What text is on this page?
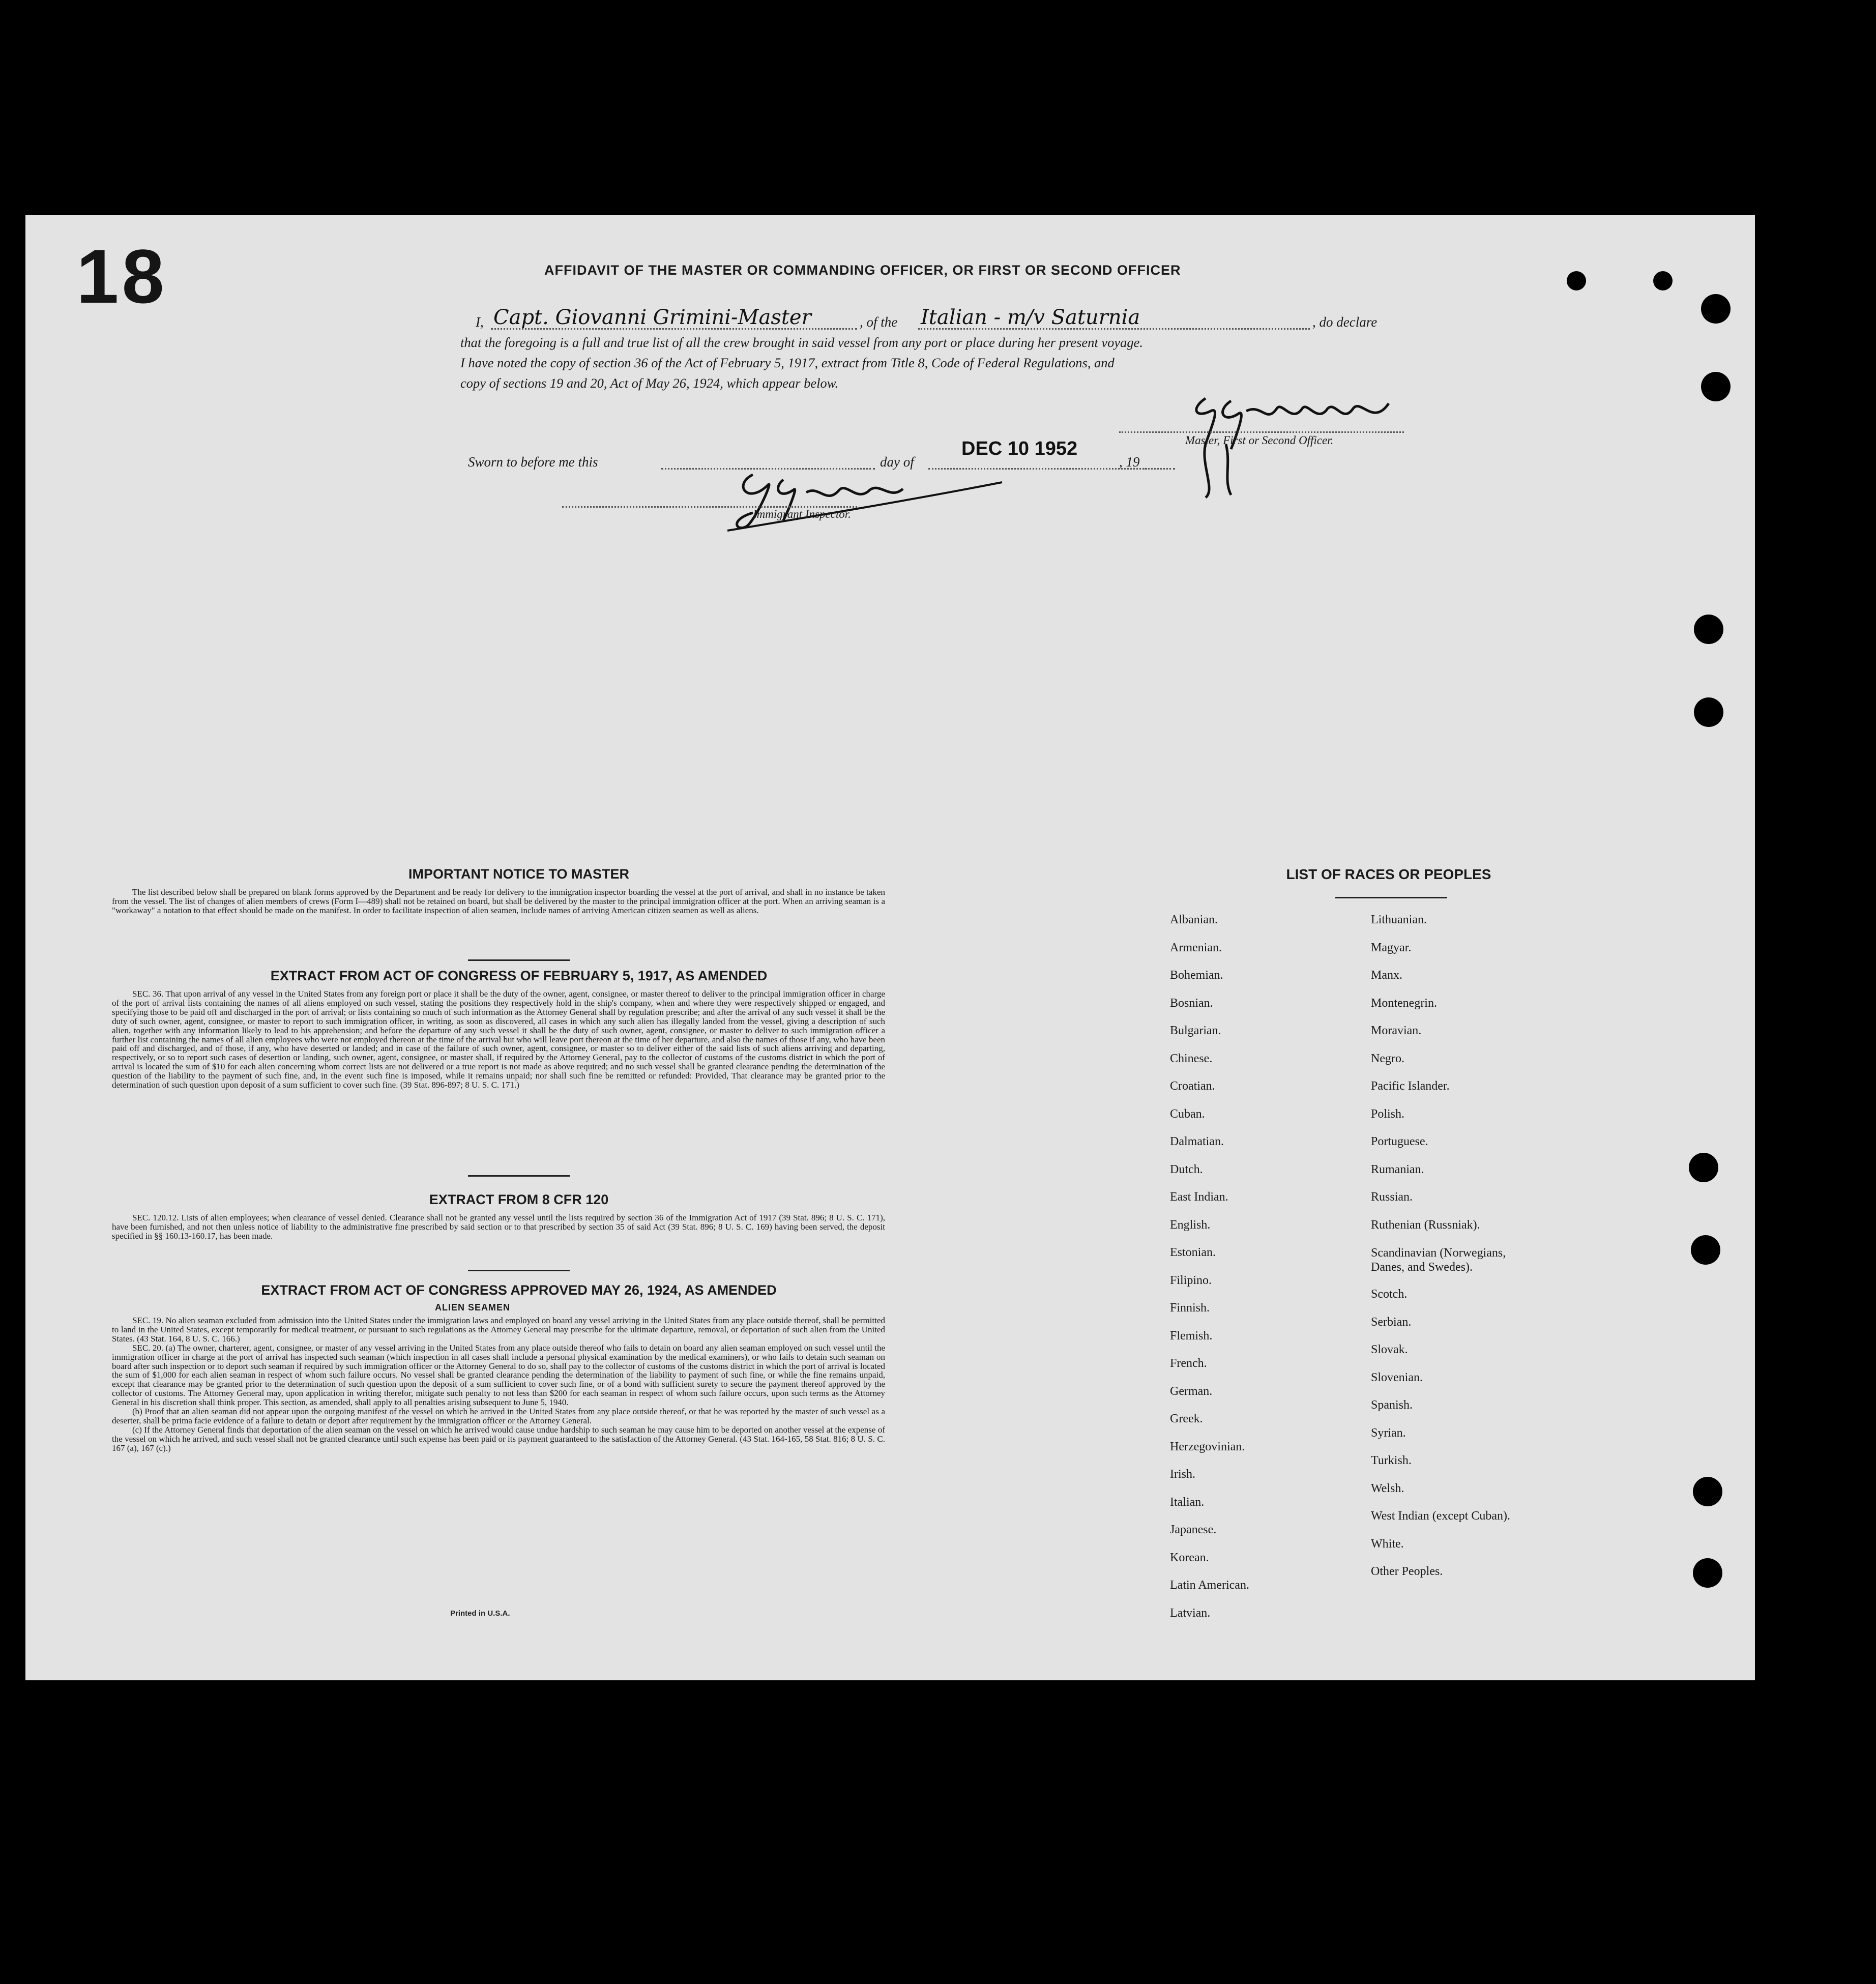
18	AFFIDAVIT OF THE MASTER OR COMMANDING OFFICER, OR FIRST OR SECOND OFFICER
I, Capt. Giovanni Grimini-Master	, of the Italian - m/v Saturnia	, do declare
that the foregoing is a full and true list of all the crew brought in said vessel from any port or place during her present voyage.
I have noted the copy of section 36 of the Act of February 5, 1917, extract from Title 8, Code of Federal Regulations, and
copy of sections 19 and 20, Act of May 26, 1924, which appear below.
Master, First or Second Officer.
Sworn to before me this	day of
DEC 10 1952
, 19
Immigrant Inspector.
IMPORTANT NOTICE TO MASTER
The list described below shall be prepared on blank forms approved by the Department and be ready for delivery to the immigration inspector boarding the vessel at the port of arrival, and shall in no instance be taken from the vessel. The list of changes of alien members of crews (Form I—489) shall not be retained on board, but shall be delivered by the master to the principal immigration officer at the port. When an arriving seaman is a "workaway" a notation to that effect should be made on the manifest. In order to facilitate inspection of alien seamen, include names of arriving American citizen seamen as well as aliens.
EXTRACT FROM ACT OF CONGRESS OF FEBRUARY 5, 1917, AS AMENDED
SEC. 36. That upon arrival of any vessel in the United States from any foreign port or place it shall be the duty of the owner, agent, consignee, or master thereof to deliver to the principal immigration officer in charge of the port of arrival lists containing the names of all aliens employed on such vessel, stating the positions they respectively hold in the ship's company, when and where they were respectively shipped or engaged, and specifying those to be paid off and discharged in the port of arrival; or lists containing so much of such information as the Attorney General shall by regulation prescribe; and after the arrival of any such vessel it shall be the duty of such owner, agent, consignee, or master to report to such immigration officer, in writing, as soon as discovered, all cases in which any such alien has illegally landed from the vessel, giving a description of such alien, together with any information likely to lead to his apprehension; and before the departure of any such vessel it shall be the duty of such owner, agent, consignee, or master to deliver to such immigration officer a further list containing the names of all alien employees who were not employed thereon at the time of the arrival but who will leave port thereon at the time of her departure, and also the names of those if any, who have been paid off and discharged, and of those, if any, who have deserted or landed; and in case of the failure of such owner, agent, consignee, or master so to deliver either of the said lists of such aliens arriving and departing, respectively, or so to report such cases of desertion or landing, such owner, agent, consignee, or master shall, if required by the Attorney General, pay to the collector of customs of the customs district in which the port of arrival is located the sum of $10 for each alien concerning whom correct lists are not delivered or a true report is not made as above required; and no such vessel shall be granted clearance pending the determination of the question of the liability to the payment of such fine, and, in the event such fine is imposed, while it remains unpaid; nor shall such fine be remitted or refunded: Provided, That clearance may be granted prior to the determination of such question upon deposit of a sum sufficient to cover such fine. (39 Stat. 896-897; 8 U. S. C. 171.)
EXTRACT FROM 8 CFR 120
SEC. 120.12. Lists of alien employees; when clearance of vessel denied. Clearance shall not be granted any vessel until the lists required by section 36 of the Immigration Act of 1917 (39 Stat. 896; 8 U. S. C. 171), have been furnished, and not then unless notice of liability to the administrative fine prescribed by said section or to that prescribed by section 35 of said Act (39 Stat. 896; 8 U. S. C. 169) having been served, the deposit specified in §§ 160.13-160.17, has been made.
EXTRACT FROM ACT OF CONGRESS APPROVED MAY 26, 1924, AS AMENDED
ALIEN SEAMEN

SEC. 19. No alien seaman excluded from admission into the United States under the immigration laws and employed on board any vessel arriving in the United States from any place outside thereof, shall be permitted to land in the United States, except temporarily for medical treatment, or pursuant to such regulations as the Attorney General may prescribe for the ultimate departure, removal, or deportation of such alien from the United States. (43 Stat. 164, 8 U. S. C. 166.)

SEC. 20. (a) The owner, charterer, agent, consignee, or master of any vessel arriving in the United States from any place outside thereof who fails to detain on board any alien seaman employed on such vessel until the immigration officer in charge at the port of arrival has inspected such seaman (which inspection in all cases shall include a personal physical examination by the medical examiners), or who fails to detain such seaman on board after such inspection or to deport such seaman if required by such immigration officer or the Attorney General to do so, shall pay to the collector of customs of the customs district in which the port of arrival is located the sum of $1,000 for each alien seaman in respect of whom such failure occurs. No vessel shall be granted clearance pending the determination of the liability to payment of such fine, or while the fine remains unpaid, except that clearance may be granted prior to the determination of such question upon the deposit of a sum sufficient to cover such fine, or of a bond with sufficient surety to secure the payment thereof approved by the collector of customs. The Attorney General may, upon application in writing therefor, mitigate such penalty to not less than $200 for each seaman in respect of whom such failure occurs, upon such terms as the Attorney General in his discretion shall think proper. This section, as amended, shall apply to all penalties arising subsequent to June 5, 1940.

(b) Proof that an alien seaman did not appear upon the outgoing manifest of the vessel on which he arrived in the United States from any place outside thereof, or that he was reported by the master of such vessel as a deserter, shall be prima facie evidence of a failure to detain or deport after requirement by the immigration officer or the Attorney General.

(c) If the Attorney General finds that deportation of the alien seaman on the vessel on which he arrived would cause undue hardship to such seaman he may cause him to be deported on another vessel at the expense of the vessel on which he arrived, and such vessel shall not be granted clearance until such expense has been paid or its payment guaranteed to the satisfaction of the Attorney General. (43 Stat. 164-165, 58 Stat. 816; 8 U. S. C. 167 (a), 167 (c).)

Printed in U.S.A.
LIST OF RACES OR PEOPLES
Albanian.
Armenian.
Bohemian.
Bosnian.
Bulgarian.
Chinese.
Croatian.
Cuban.
Dalmatian.
Dutch.
East Indian.
English.
Estonian.
Filipino.
Finnish.
Flemish.
French.
German.
Greek.
Herzegovinian.
Irish.
Italian.
Japanese.
Korean.
Latin American.
Latvian.
Lithuanian.
Magyar.
Manx.
Montenegrin.
Moravian.
Negro.
Pacific Islander.
Polish.
Portuguese.
Rumanian.
Russian.
Ruthenian (Russniak).
Scandinavian (Norwegians, Danes, and Swedes).
Scotch.
Serbian.
Slovak.
Slovenian.
Spanish.
Syrian.
Turkish.
Welsh.
West Indian (except Cuban).
White.
Other Peoples.
